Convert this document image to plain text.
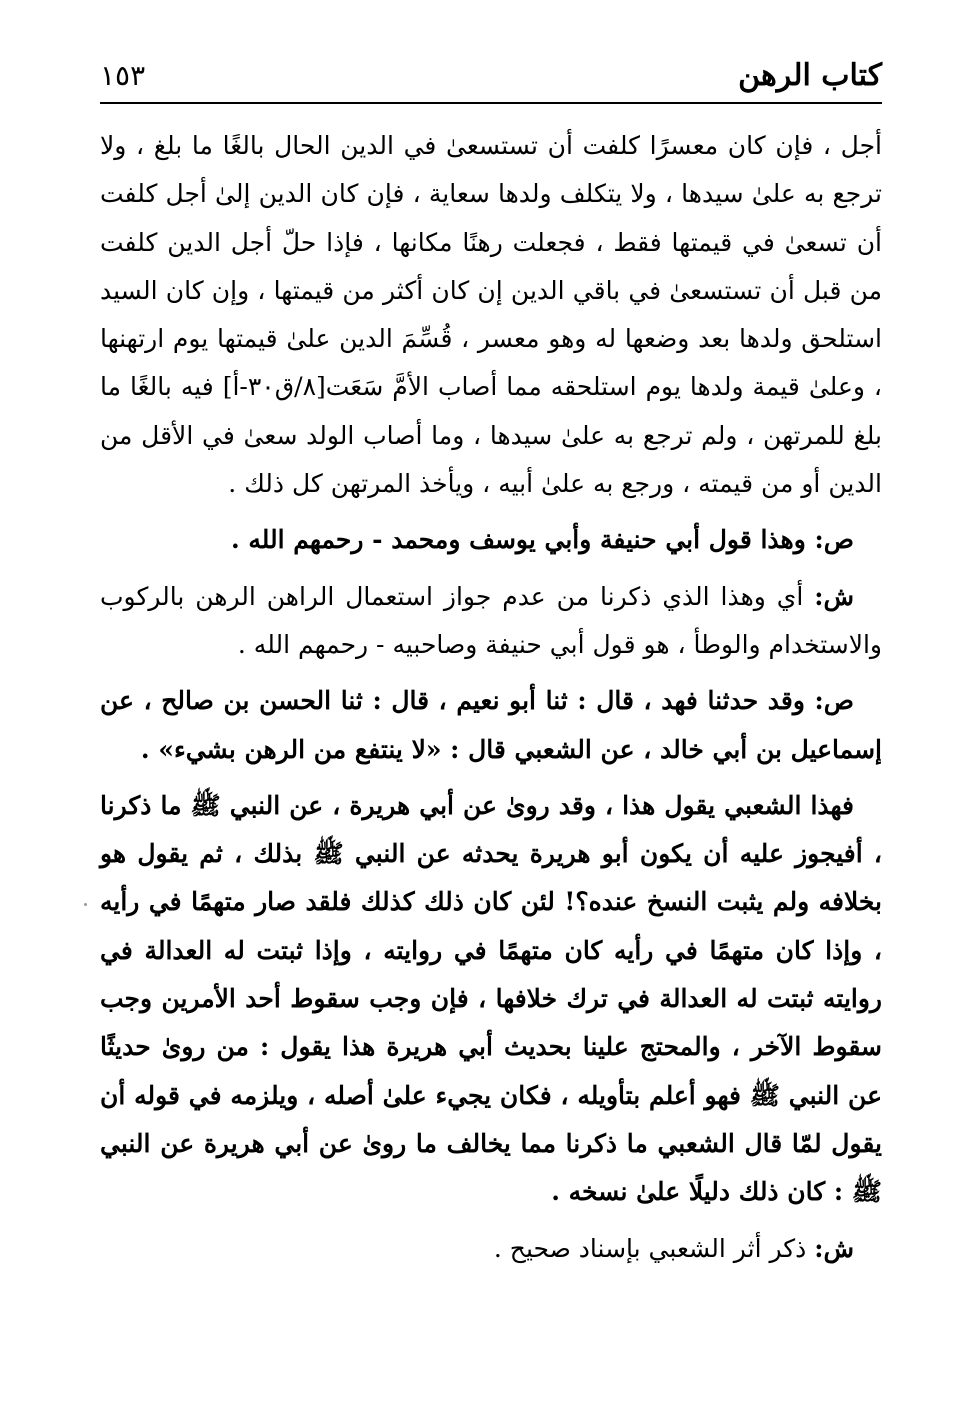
كتاب الرهن
١٥٣

أجل ، فإن كان معسرًا كلفت أن تستسعىٰ في الدين الحال بالغًا ما بلغ ، ولا ترجع به علىٰ سيدها ، ولا يتكلف ولدها سعاية ، فإن كان الدين إلىٰ أجل كلفت أن تسعىٰ في قيمتها فقط ، فجعلت رهنًا مكانها ، فإذا حلّ أجل الدين كلفت من قبل أن تستسعىٰ في باقي الدين إن كان أكثر من قيمتها ، وإن كان السيد استلحق ولدها بعد وضعها له وهو معسر ، قُسِّمَ الدين علىٰ قيمتها يوم ارتهنها ، وعلىٰ قيمة ولدها يوم استلحقه مما أصاب الأمَّ سَعَت[٨/ق٣٠-أ] فيه بالغًا ما بلغ للمرتهن ، ولم ترجع به علىٰ سيدها ، وما أصاب الولد سعىٰ في الأقل من الدين أو من قيمته ، ورجع به علىٰ أبيه ، ويأخذ المرتهن كل ذلك .

ص: وهذا قول أبي حنيفة وأبي يوسف ومحمد - رحمهم الله .

ش: أي وهذا الذي ذكرنا من عدم جواز استعمال الراهن الرهن بالركوب والاستخدام والوطأ ، هو قول أبي حنيفة وصاحبيه - رحمهم الله .

ص: وقد حدثنا فهد ، قال : ثنا أبو نعيم ، قال : ثنا الحسن بن صالح ، عن إسماعيل بن أبي خالد ، عن الشعبي قال : «لا ينتفع من الرهن بشيء» .

فهذا الشعبي يقول هذا ، وقد روىٰ عن أبي هريرة ، عن النبي ﷺ ما ذكرنا ، أفيجوز عليه أن يكون أبو هريرة يحدثه عن النبي ﷺ بذلك ، ثم يقول هو بخلافه ولم يثبت النسخ عنده؟! لئن كان ذلك كذلك فلقد صار متهمًا في رأيه ، وإذا كان متهمًا في رأيه كان متهمًا في روايته ، وإذا ثبتت له العدالة في روايته ثبتت له العدالة في ترك خلافها ، فإن وجب سقوط أحد الأمرين وجب سقوط الآخر ، والمحتج علينا بحديث أبي هريرة هذا يقول : من روىٰ حديثًا عن النبي ﷺ فهو أعلم بتأويله ، فكان يجيء علىٰ أصله ، ويلزمه في قوله أن يقول لمّا قال الشعبي ما ذكرنا مما يخالف ما روىٰ عن أبي هريرة عن النبي ﷺ : كان ذلك دليلًا علىٰ نسخه .

ش: ذكر أثر الشعبي بإسناد صحيح .
